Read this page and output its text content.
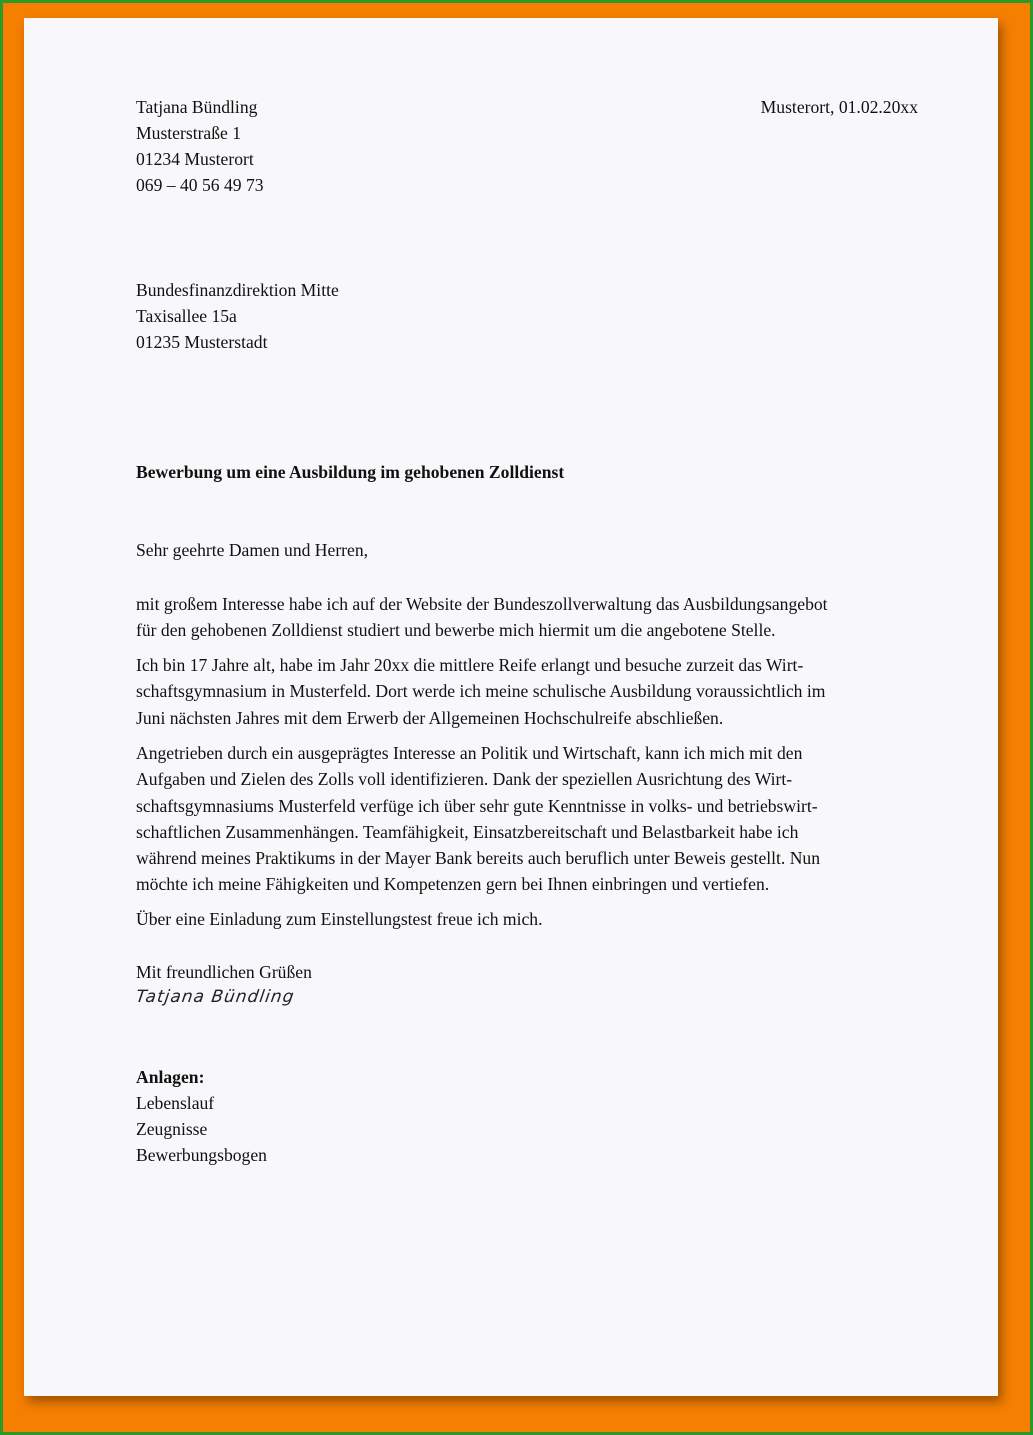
Tatjana Bündling
Musterstraße 1
01234 Musterort
069 – 40 56 49 73
Musterort, 01.02.20xx
Bundesfinanzdirektion Mitte
Taxisallee 15a
01235 Musterstadt
Bewerbung um eine Ausbildung im gehobenen Zolldienst
Sehr geehrte Damen und Herren,
mit großem Interesse habe ich auf der Website der Bundeszollverwaltung das Ausbildungsangebot
für den gehobenen Zolldienst studiert und bewerbe mich hiermit um die angebotene Stelle.
Ich bin 17 Jahre alt, habe im Jahr 20xx die mittlere Reife erlangt und besuche zurzeit das Wirt-
schaftsgymnasium in Musterfeld. Dort werde ich meine schulische Ausbildung voraussichtlich im
Juni nächsten Jahres mit dem Erwerb der Allgemeinen Hochschulreife abschließen.
Angetrieben durch ein ausgeprägtes Interesse an Politik und Wirtschaft, kann ich mich mit den
Aufgaben und Zielen des Zolls voll identifizieren. Dank der speziellen Ausrichtung des Wirt-
schaftsgymnasiums Musterfeld verfüge ich über sehr gute Kenntnisse in volks- und betriebswirt-
schaftlichen Zusammenhängen. Teamfähigkeit, Einsatzbereitschaft und Belastbarkeit habe ich
während meines Praktikums in der Mayer Bank bereits auch beruflich unter Beweis gestellt. Nun
möchte ich meine Fähigkeiten und Kompetenzen gern bei Ihnen einbringen und vertiefen.
Über eine Einladung zum Einstellungstest freue ich mich.
Mit freundlichen Grüßen
Tatjana Bündling
Anlagen:
Lebenslauf
Zeugnisse
Bewerbungsbogen
